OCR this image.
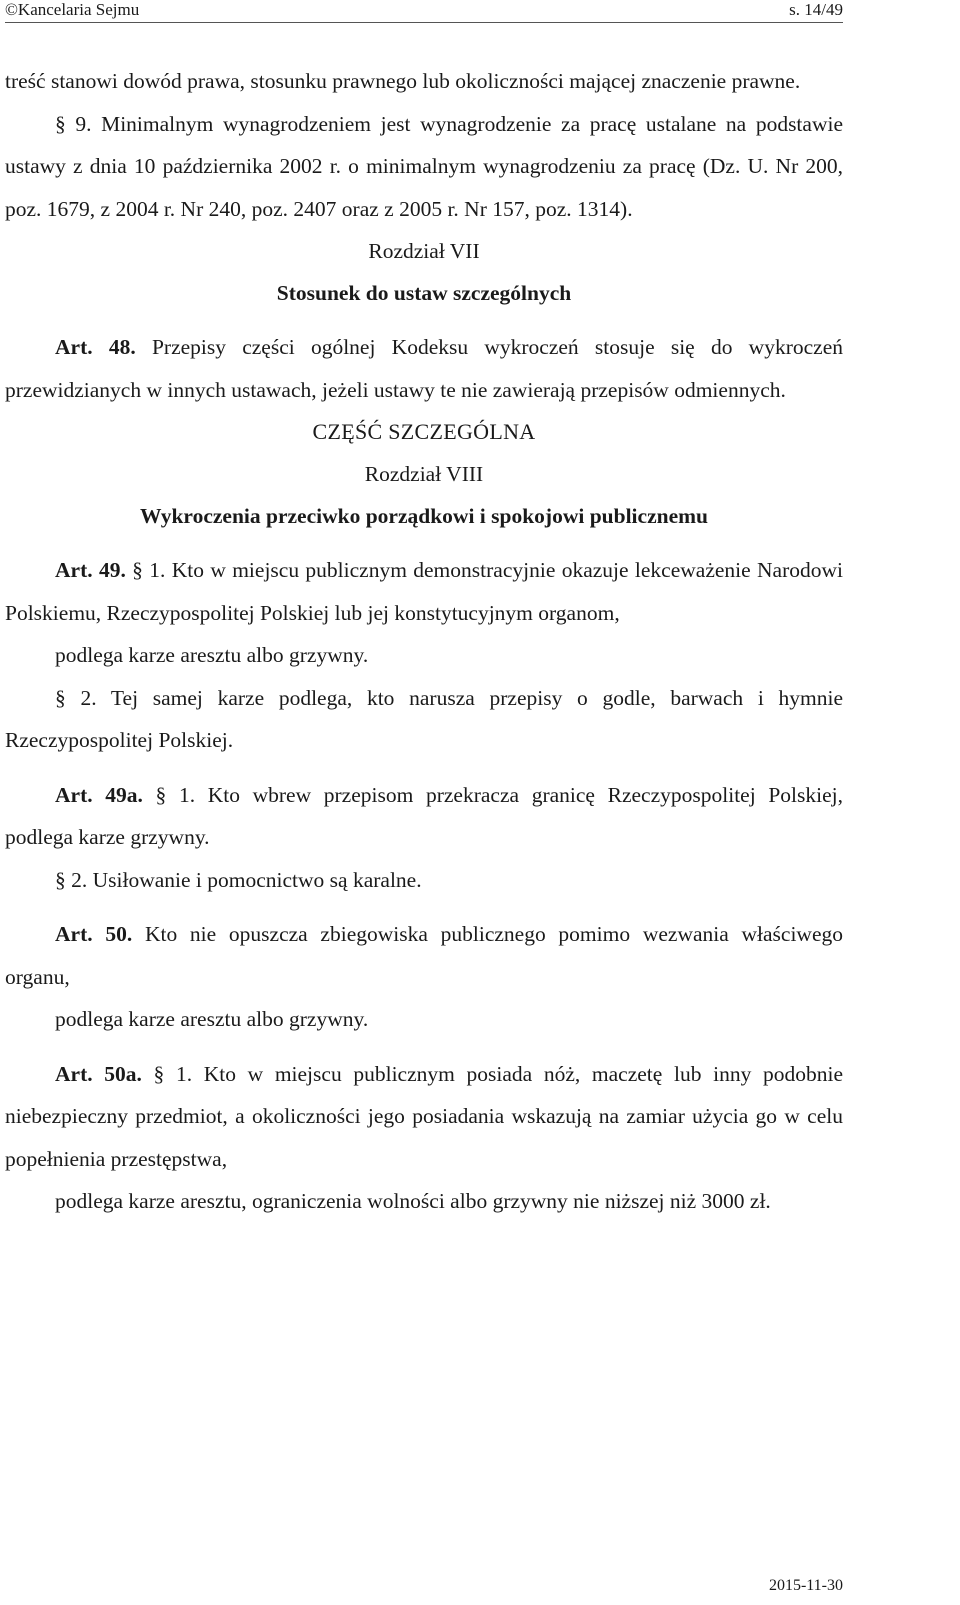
©Kancelaria Sejmu	s. 14/49

treść stanowi dowód prawa, stosunku prawnego lub okoliczności mającej znaczenie prawne.

§ 9. Minimalnym wynagrodzeniem jest wynagrodzenie za pracę ustalane na podstawie ustawy z dnia 10 października 2002 r. o minimalnym wynagrodzeniu za pracę (Dz. U. Nr 200, poz. 1679, z 2004 r. Nr 240, poz. 2407 oraz z 2005 r. Nr 157, poz. 1314).

Rozdział VII

Stosunek do ustaw szczególnych

Art. 48. Przepisy części ogólnej Kodeksu wykroczeń stosuje się do wykroczeń przewidzianych w innych ustawach, jeżeli ustawy te nie zawierają przepisów odmiennych.

CZĘŚĆ SZCZEGÓLNA

Rozdział VIII

Wykroczenia przeciwko porządkowi i spokojowi publicznemu

Art. 49. § 1. Kto w miejscu publicznym demonstracyjnie okazuje lekceważenie Narodowi Polskiemu, Rzeczypospolitej Polskiej lub jej konstytucyjnym organom,

podlega karze aresztu albo grzywny.

§ 2. Tej samej karze podlega, kto narusza przepisy o godle, barwach i hymnie Rzeczypospolitej Polskiej.

Art. 49a. § 1. Kto wbrew przepisom przekracza granicę Rzeczypospolitej Polskiej, podlega karze grzywny.

§ 2. Usiłowanie i pomocnictwo są karalne.

Art. 50. Kto nie opuszcza zbiegowiska publicznego pomimo wezwania właściwego organu,

podlega karze aresztu albo grzywny.

Art. 50a. § 1. Kto w miejscu publicznym posiada nóż, maczetę lub inny podobnie niebezpieczny przedmiot, a okoliczności jego posiadania wskazują na zamiar użycia go w celu popełnienia przestępstwa,

podlega karze aresztu, ograniczenia wolności albo grzywny nie niższej niż 3000 zł.

2015-11-30
